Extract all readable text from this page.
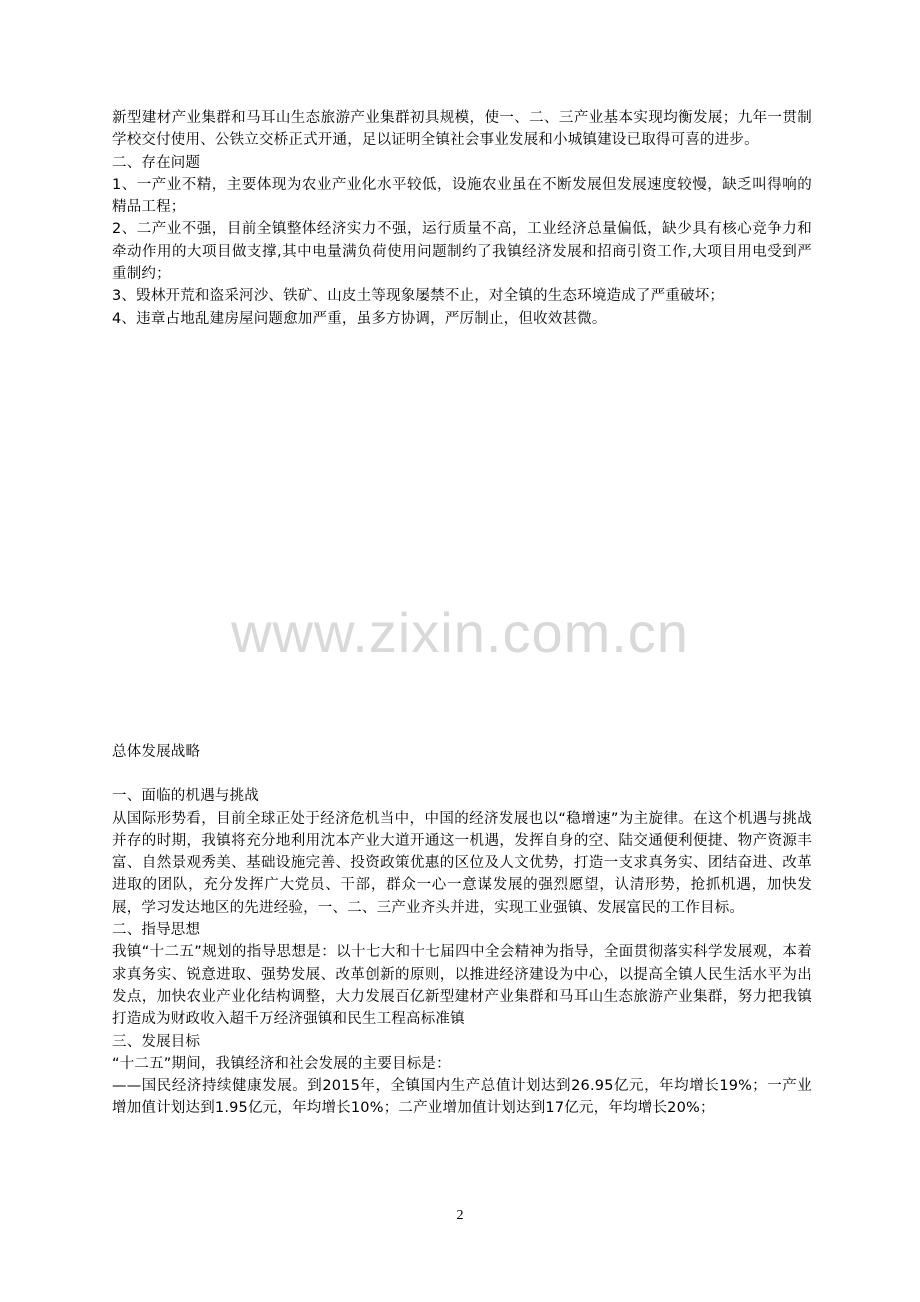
新型建材产业集群和马耳山生态旅游产业集群初具规模，使一、二、三产业基本实现均衡发展；九年一贯制学校交付使用、公铁立交桥正式开通，足以证明全镇社会事业发展和小城镇建设已取得可喜的进步。

二、存在问题

1、一产业不精，主要体现为农业产业化水平较低，设施农业虽在不断发展但发展速度较慢，缺乏叫得响的精品工程；

2、二产业不强，目前全镇整体经济实力不强，运行质量不高，工业经济总量偏低，缺少具有核心竞争力和牵动作用的大项目做支撑,其中电量满负荷使用问题制约了我镇经济发展和招商引资工作,大项目用电受到严重制约；

3、毁林开荒和盗采河沙、铁矿、山皮土等现象屡禁不止，对全镇的生态环境造成了严重破坏；

4、违章占地乱建房屋问题愈加严重，虽多方协调，严厉制止，但收效甚微。

www.zixin.com.cn

总体发展战略

一、面临的机遇与挑战

从国际形势看，目前全球正处于经济危机当中，中国的经济发展也以“稳增速”为主旋律。在这个机遇与挑战并存的时期，我镇将充分地利用沈本产业大道开通这一机遇，发挥自身的空、陆交通便利便捷、物产资源丰富、自然景观秀美、基础设施完善、投资政策优惠的区位及人文优势，打造一支求真务实、团结奋进、改革进取的团队，充分发挥广大党员、干部，群众一心一意谋发展的强烈愿望，认清形势，抢抓机遇，加快发展，学习发达地区的先进经验，一、二、三产业齐头并进，实现工业强镇、发展富民的工作目标。

二、指导思想

我镇“十二五”规划的指导思想是：以十七大和十七届四中全会精神为指导，全面贯彻落实科学发展观，本着求真务实、锐意进取、强势发展、改革创新的原则，以推进经济建设为中心，以提高全镇人民生活水平为出发点，加快农业产业化结构调整，大力发展百亿新型建材产业集群和马耳山生态旅游产业集群，努力把我镇打造成为财政收入超千万经济强镇和民生工程高标准镇

三、发展目标

“十二五”期间，我镇经济和社会发展的主要目标是：

——国民经济持续健康发展。到2015年，全镇国内生产总值计划达到26.95亿元，年均增长19%；一产业增加值计划达到1.95亿元，年均增长10%；二产业增加值计划达到17亿元，年均增长20%；

2
